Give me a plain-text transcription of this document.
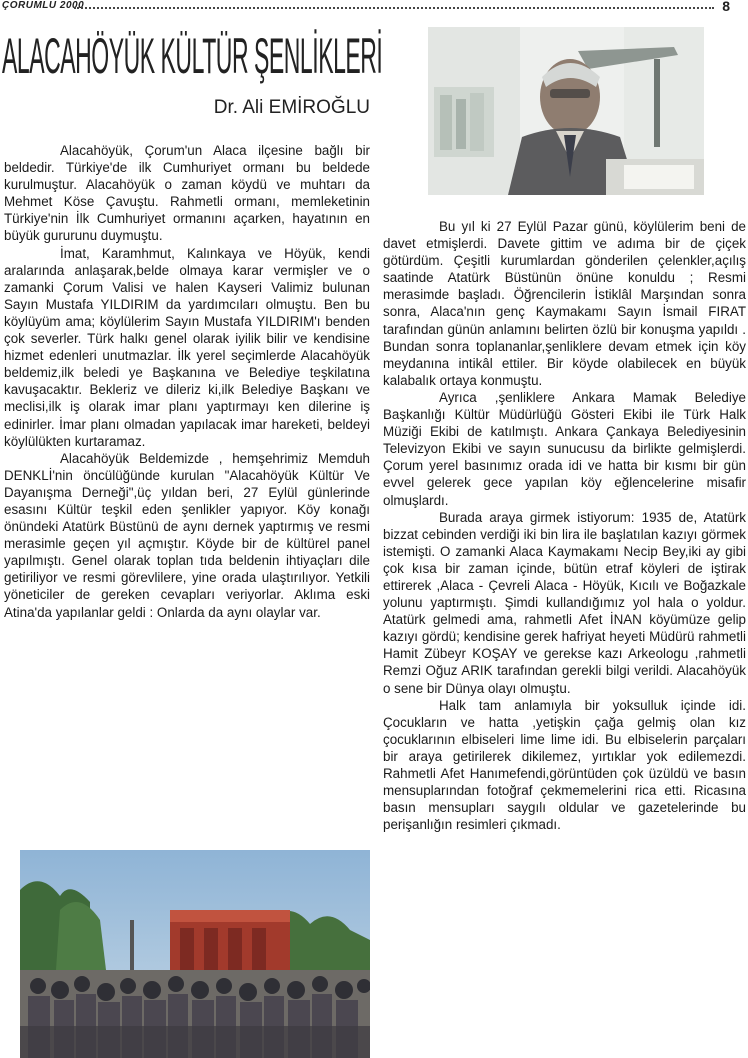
ÇORUMLU 2000	8
ALACAHÖYÜK KÜLTÜR ŞENLİKLERİ
Dr. Ali EMİROĞLU

Alacahöyük, Çorum'un Alaca ilçesine bağlı bir beldedir. Türkiye'de ilk Cumhuriyet ormanı bu beldede kurulmuştur. Alacahöyük o zaman köydü ve muhtarı da Mehmet Köse Çavuştu. Rahmetli ormanı, memleketinin Türkiye'nin İlk Cumhuriyet ormanını açarken, hayatının en büyük gururunu duymuştu.

İmat, Karamhmut, Kalınkaya ve Höyük, kendi aralarında anlaşarak,belde olmaya karar vermişler ve o zamanki Çorum Valisi ve halen Kayseri Valimiz bulunan Sayın Mustafa YILDIRIM da yardımcıları olmuştu. Ben bu köylüyüm ama; köylülerim Sayın Mustafa YILDIRIM'ı benden çok severler. Türk halkı genel olarak iyilik bilir ve kendisine hizmet edenleri unutmazlar. İlk yerel seçimlerde Alacahöyük beldemiz,ilk beledi ye Başkanına ve Belediye teşkilatına kavuşacaktır. Bekleriz ve dileriz ki,ilk Belediye Başkanı ve meclisi,ilk iş olarak imar planı yaptırmayı ken dilerine iş edinirler. İmar planı olmadan yapılacak imar hareketi, beldeyi köylülükten kurtaramaz.

Alacahöyük Beldemizde , hemşehrimiz Memduh DENKLİ'nin öncülüğünde kurulan "Alacahöyük Kültür Ve Dayanışma Derneği",üç yıldan beri, 27 Eylül günlerinde esasını Kültür teşkil eden şenlikler yapıyor. Köy konağı önündeki Atatürk Büstünü de aynı dernek yaptırmış ve resmi merasimle geçen yıl açmıştır. Köyde bir de kültürel panel yapılmıştı. Genel olarak toplan tıda beldenin ihtiyaçları dile getiriliyor ve resmi görevlilere, yine orada ulaştırılıyor. Yetkili yöneticiler de gereken cevapları veriyorlar. Aklıma eski Atina'da yapılanlar geldi : Onlarda da aynı olaylar var.

Bu yıl ki 27 Eylül Pazar günü, köylülerim beni de davet etmişlerdi. Davete gittim ve adıma bir de çiçek götürdüm. Çeşitli kurumlardan gönderilen çelenkler,açılış saatinde Atatürk Büstünün önüne konuldu ; Resmi merasimde başladı. Öğrencilerin İstiklâl Marşından sonra sonra, Alaca'nın genç Kaymakamı Sayın İsmail FIRAT tarafından günün anlamını belirten özlü bir konuşma yapıldı . Bundan sonra toplananlar,şenliklere devam etmek için köy meydanına intikâl ettiler. Bir köyde olabilecek en büyük kalabalık ortaya konmuştu.

Ayrıca ,şenliklere Ankara Mamak Belediye Başkanlığı Kültür Müdürlüğü Gösteri Ekibi ile Türk Halk Müziği Ekibi de katılmıştı. Ankara Çankaya Belediyesinin Televizyon Ekibi ve sayın sunucusu da birlikte gelmişlerdi. Çorum yerel basınımız orada idi ve hatta bir kısmı bir gün evvel gelerek gece yapılan köy eğlencelerine misafir olmuşlardı.

Burada araya girmek istiyorum: 1935 de, Atatürk bizzat cebinden verdiği iki bin lira ile başlatılan kazıyı görmek istemişti. O zamanki Alaca Kaymakamı Necip Bey,iki ay gibi çok kısa bir zaman içinde, bütün etraf köyleri de iştirak ettirerek ,Alaca - Çevreli Alaca - Höyük, Kıcılı ve Boğazkale yolunu yaptırmıştı. Şimdi kullandığımız yol hala o yoldur. Atatürk gelmedi ama, rahmetli Afet İNAN köyümüze gelip kazıyı gördü; kendisine gerek hafriyat heyeti Müdürü rahmetli Hamit Zübeyr KOŞAY ve gerekse kazı Arkeologu ,rahmetli Remzi Oğuz ARIK tarafından gerekli bilgi verildi. Alacahöyük o sene bir Dünya olayı olmuştu.

Halk tam anlamıyla bir yoksulluk içinde idi. Çocukların ve hatta ,yetişkin çağa gelmiş olan kız çocuklarının elbiseleri lime lime idi. Bu elbiselerin parçaları bir araya getirilerek dikilemez, yırtıklar yok edilemezdi. Rahmetli Afet Hanımefendi,görüntüden çok üzüldü ve basın mensuplarından fotoğraf çekmemelerini rica etti. Ricasına basın mensupları saygılı oldular ve gazetelerinde bu perişanlığın resimleri çıkmadı.
